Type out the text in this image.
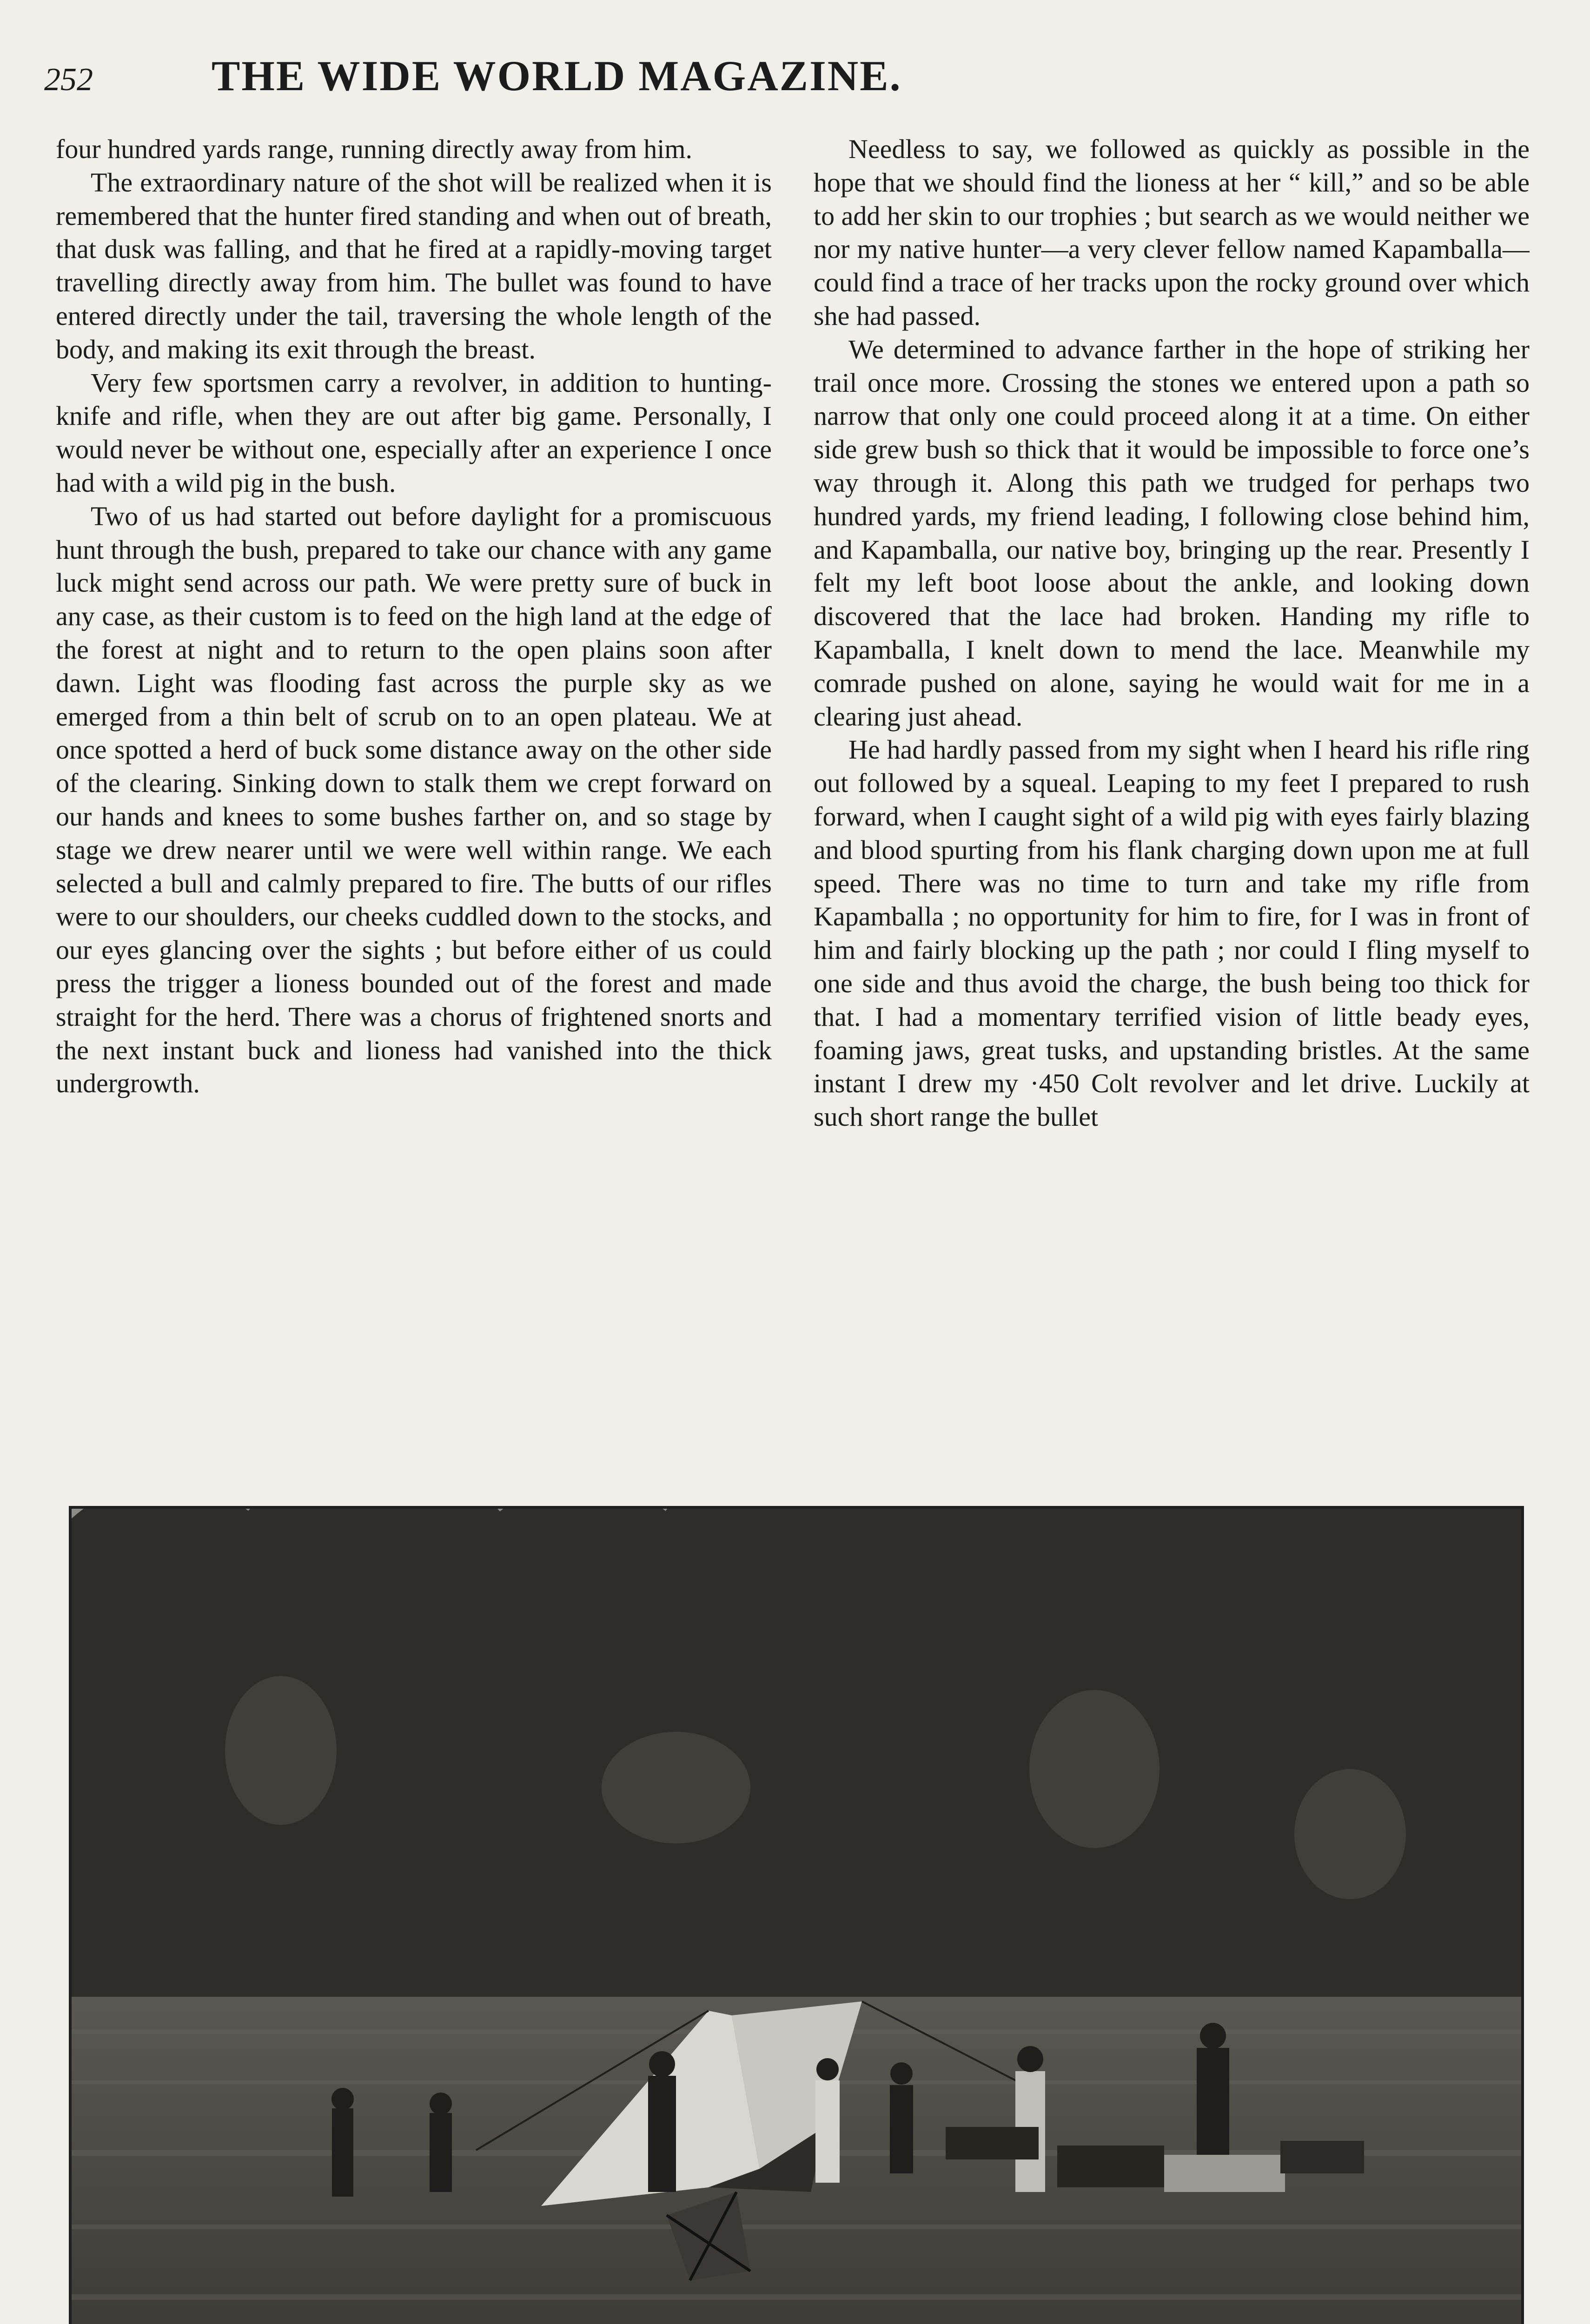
252	THE WIDE WORLD MAGAZINE.

four hundred yards range, running directly away from him.

The extraordinary nature of the shot will be realized when it is remembered that the hunter fired standing and when out of breath, that dusk was falling, and that he fired at a rapidly-moving target travelling directly away from him. The bullet was found to have entered directly under the tail, traversing the whole length of the body, and making its exit through the breast.

Very few sportsmen carry a revolver, in addition to hunting-knife and rifle, when they are out after big game. Personally, I would never be without one, especially after an experience I once had with a wild pig in the bush.

Two of us had started out before daylight for a promiscuous hunt through the bush, prepared to take our chance with any game luck might send across our path. We were pretty sure of buck in any case, as their custom is to feed on the high land at the edge of the forest at night and to return to the open plains soon after dawn. Light was flooding fast across the purple sky as we emerged from a thin belt of scrub on to an open plateau. We at once spotted a herd of buck some distance away on the other side of the clearing. Sinking down to stalk them we crept forward on our hands and knees to some bushes farther on, and so stage by stage we drew nearer until we were well within range. We each selected a bull and calmly prepared to fire. The butts of our rifles were to our shoulders, our cheeks cuddled down to the stocks, and our eyes glancing over the sights ; but before either of us could press the trigger a lioness bounded out of the forest and made straight for the herd. There was a chorus of frightened snorts and the next instant buck and lioness had vanished into the thick undergrowth.

Needless to say, we followed as quickly as possible in the hope that we should find the lioness at her “ kill,” and so be able to add her skin to our trophies ; but search as we would neither we nor my native hunter—a very clever fellow named Kapamballa—could find a trace of her tracks upon the rocky ground over which she had passed.

We determined to advance farther in the hope of striking her trail once more. Crossing the stones we entered upon a path so narrow that only one could proceed along it at a time. On either side grew bush so thick that it would be impossible to force one’s way through it. Along this path we trudged for perhaps two hundred yards, my friend leading, I following close behind him, and Kapamballa, our native boy, bringing up the rear. Presently I felt my left boot loose about the ankle, and looking down discovered that the lace had broken. Handing my rifle to Kapamballa, I knelt down to mend the lace. Meanwhile my comrade pushed on alone, saying he would wait for me in a clearing just ahead.

He had hardly passed from my sight when I heard his rifle ring out followed by a squeal. Leaping to my feet I prepared to rush forward, when I caught sight of a wild pig with eyes fairly blazing and blood spurting from his flank charging down upon me at full speed. There was no time to turn and take my rifle from Kapamballa ; no opportunity for him to fire, for I was in front of him and fairly blocking up the path ; nor could I fling myself to one side and thus avoid the charge, the bush being too thick for that. I had a momentary terrified vision of little beady eyes, foaming jaws, great tusks, and upstanding bristles. At the same instant I drew my ·450 Colt revolver and let drive. Luckily at such short range the bullet
